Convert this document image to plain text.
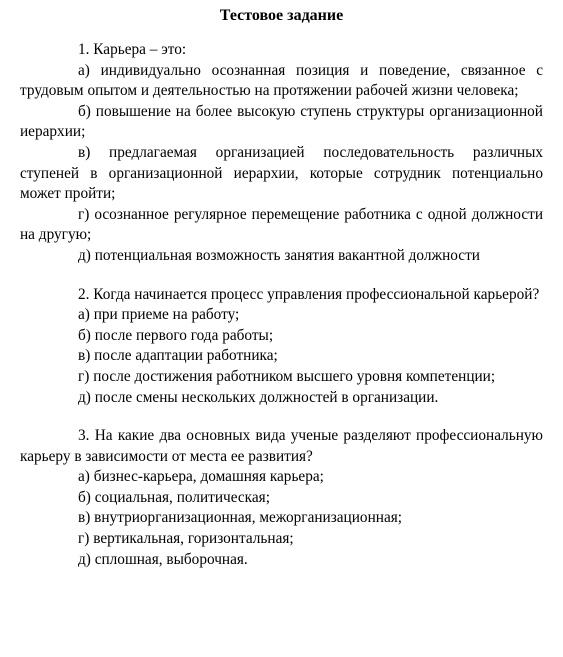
Тестовое задание

1. Карьера – это:

а) индивидуально осознанная позиция и поведение, связанное с трудовым опытом и деятельностью на протяжении рабочей жизни человека;

б) повышение на более высокую ступень структуры организационной иерархии;

в) предлагаемая организацией последовательность различных ступеней в организационной иерархии, которые сотрудник потенциально может пройти;

г) осознанное регулярное перемещение работника с одной должности на другую;

д) потенциальная возможность занятия вакантной должности

2. Когда начинается процесс управления профессиональной карьерой?

а) при приеме на работу;

б) после первого года работы;

в) после адаптации работника;

г) после достижения работником высшего уровня компетенции;

д) после смены нескольких должностей в организации.

3. На какие два основных вида ученые разделяют профессиональную карьеру в зависимости от места ее развития?

а) бизнес-карьера, домашняя карьера;

б) социальная, политическая;

в) внутриорганизационная, межорганизационная;

г) вертикальная, горизонтальная;

д) сплошная, выборочная.
